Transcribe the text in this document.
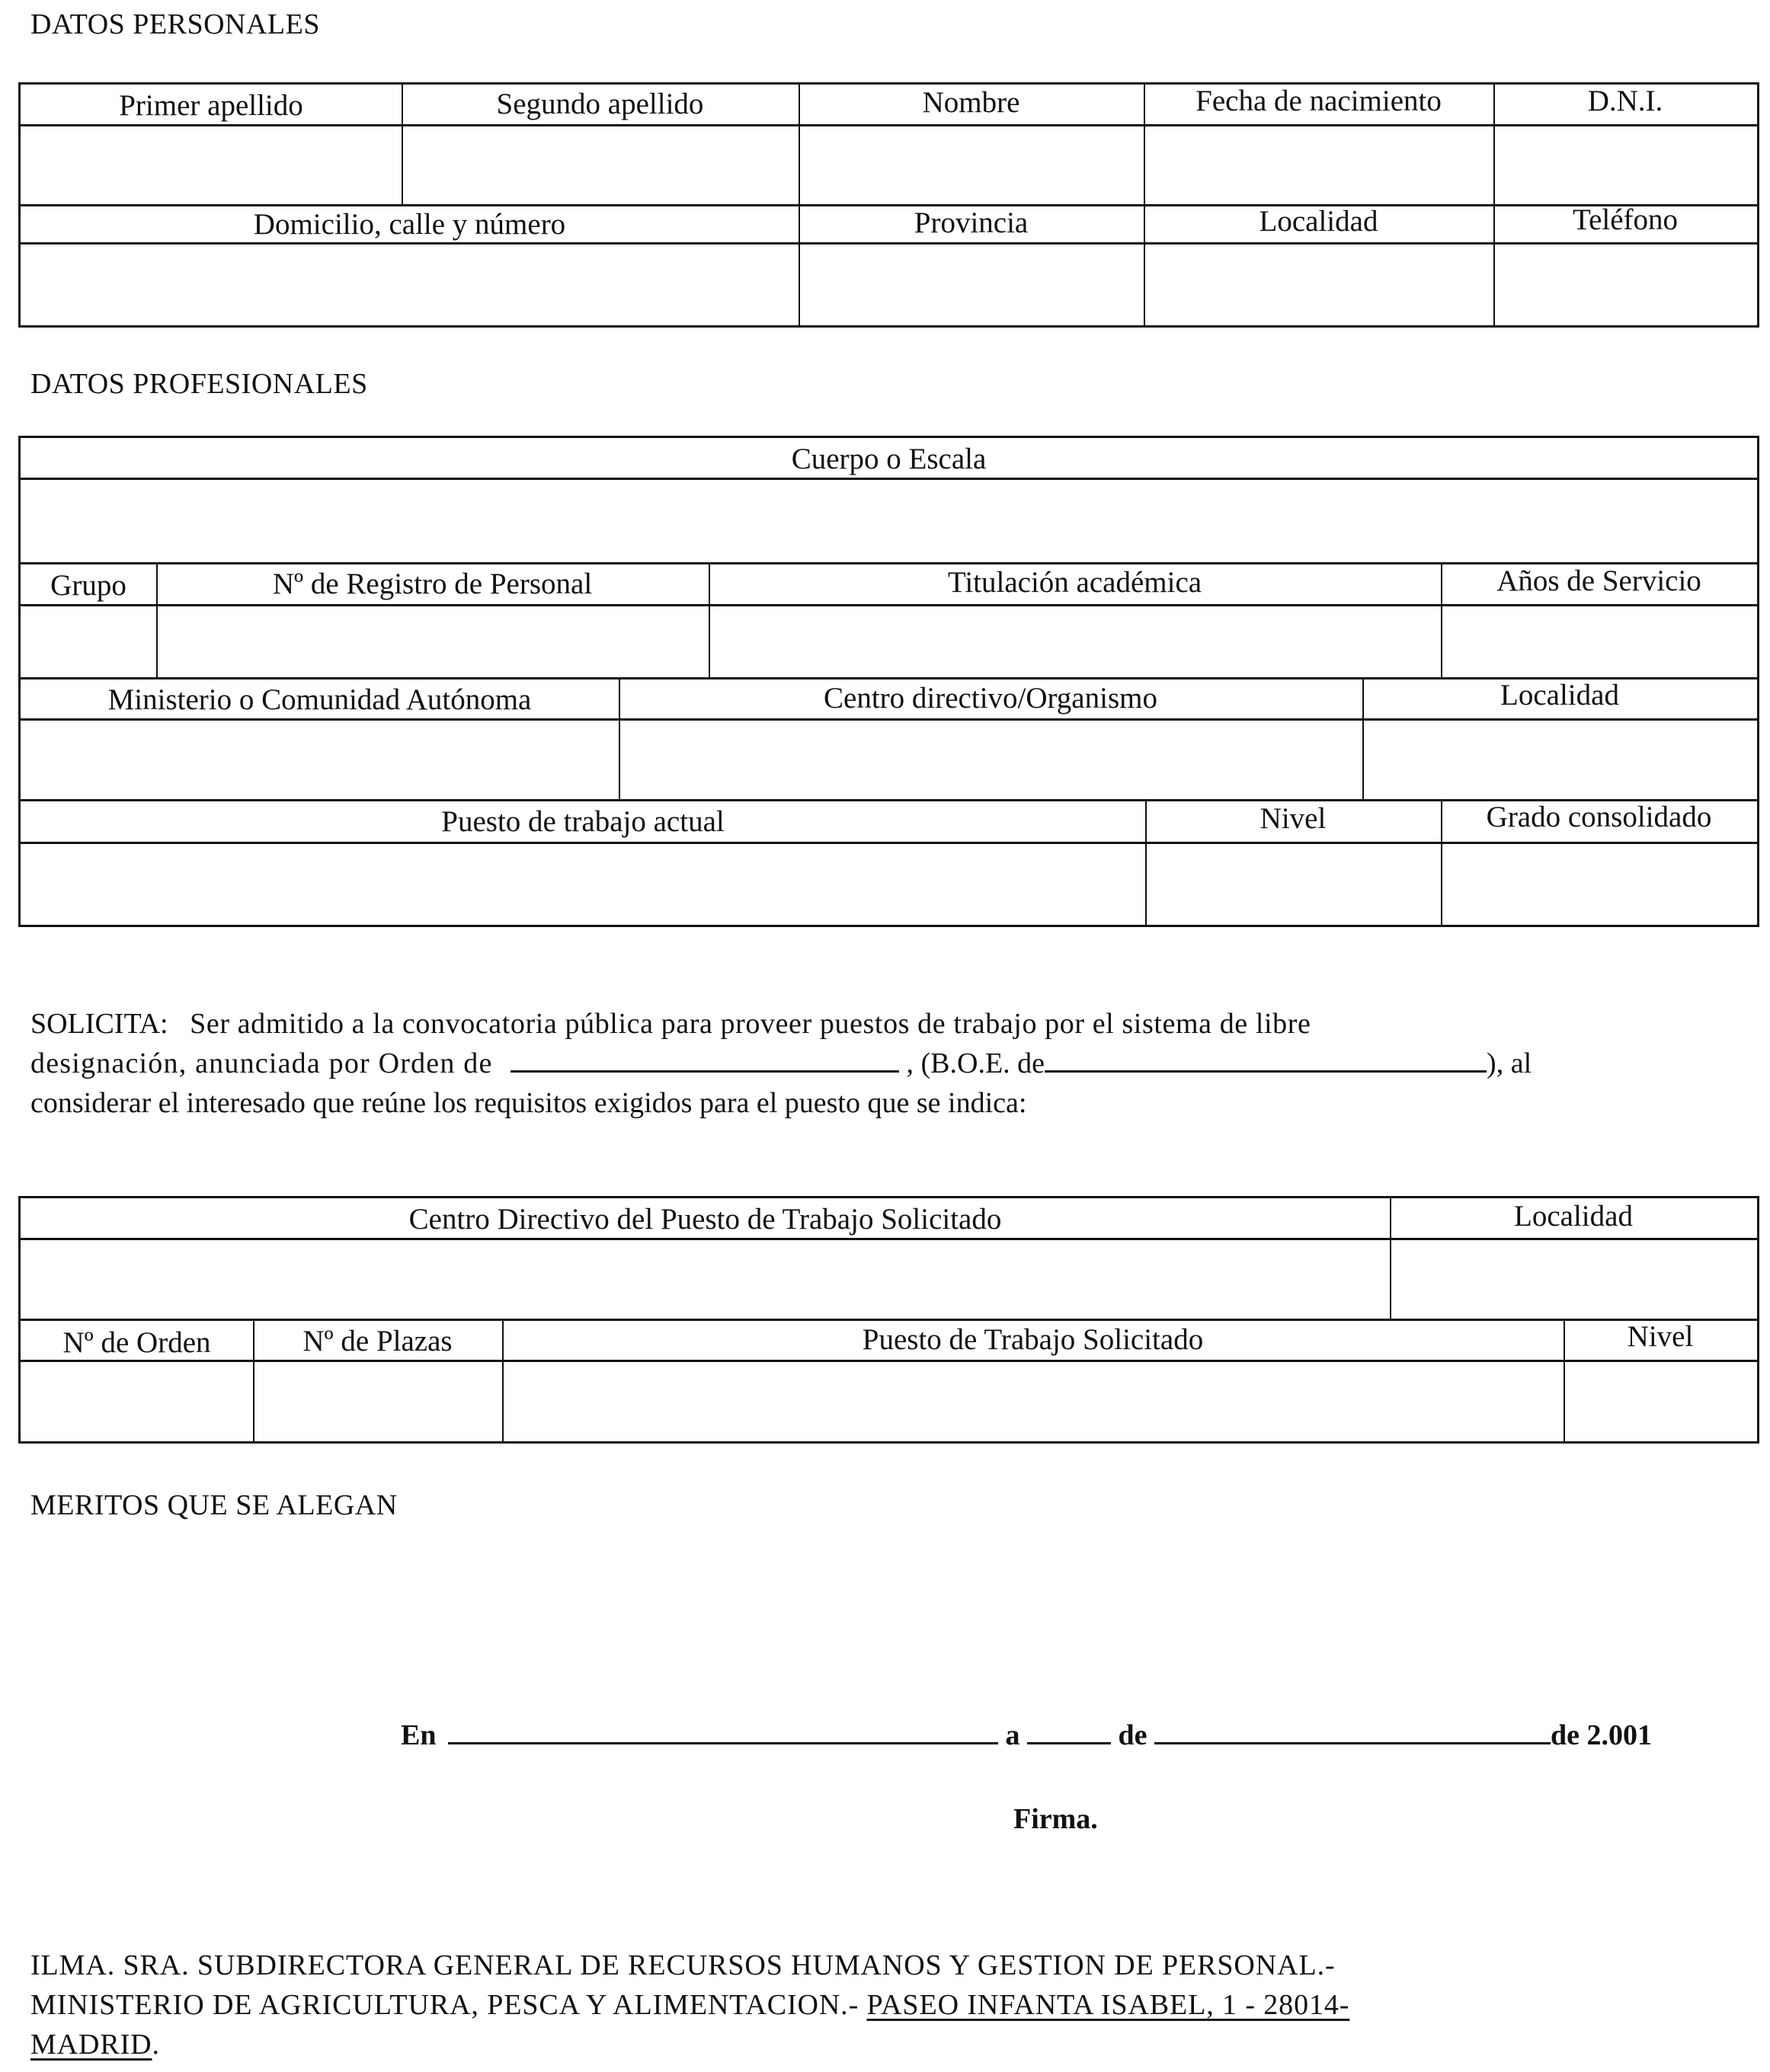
DATOS PERSONALES
Primer apellido	Segundo apellido	Nombre	Fecha de nacimiento	D.N.I.
Domicilio, calle y número	Provincia	Localidad	Teléfono
DATOS PROFESIONALES
Cuerpo o Escala
Grupo	Nº de Registro de Personal	Titulación académica	Años de Servicio
Ministerio o Comunidad Autónoma	Centro directivo/Organismo	Localidad
Puesto de trabajo actual	Nivel	Grado consolidado
SOLICITA: Ser admitido a la convocatoria pública para proveer puestos de trabajo por el sistema de libre
designación, anunciada por Orden de	, (B.O.E. de	), al
considerar el interesado que reúne los requisitos exigidos para el puesto que se indica:
Centro Directivo del Puesto de Trabajo Solicitado	Localidad
Nº de Orden	Nº de Plazas	Puesto de Trabajo Solicitado	Nivel
MERITOS QUE SE ALEGAN
En	a	de	de 2.001
Firma.
ILMA. SRA. SUBDIRECTORA GENERAL DE RECURSOS HUMANOS Y GESTION DE PERSONAL.-
MINISTERIO DE AGRICULTURA, PESCA Y ALIMENTACION.- PASEO INFANTA ISABEL, 1 - 28014-
MADRID.
